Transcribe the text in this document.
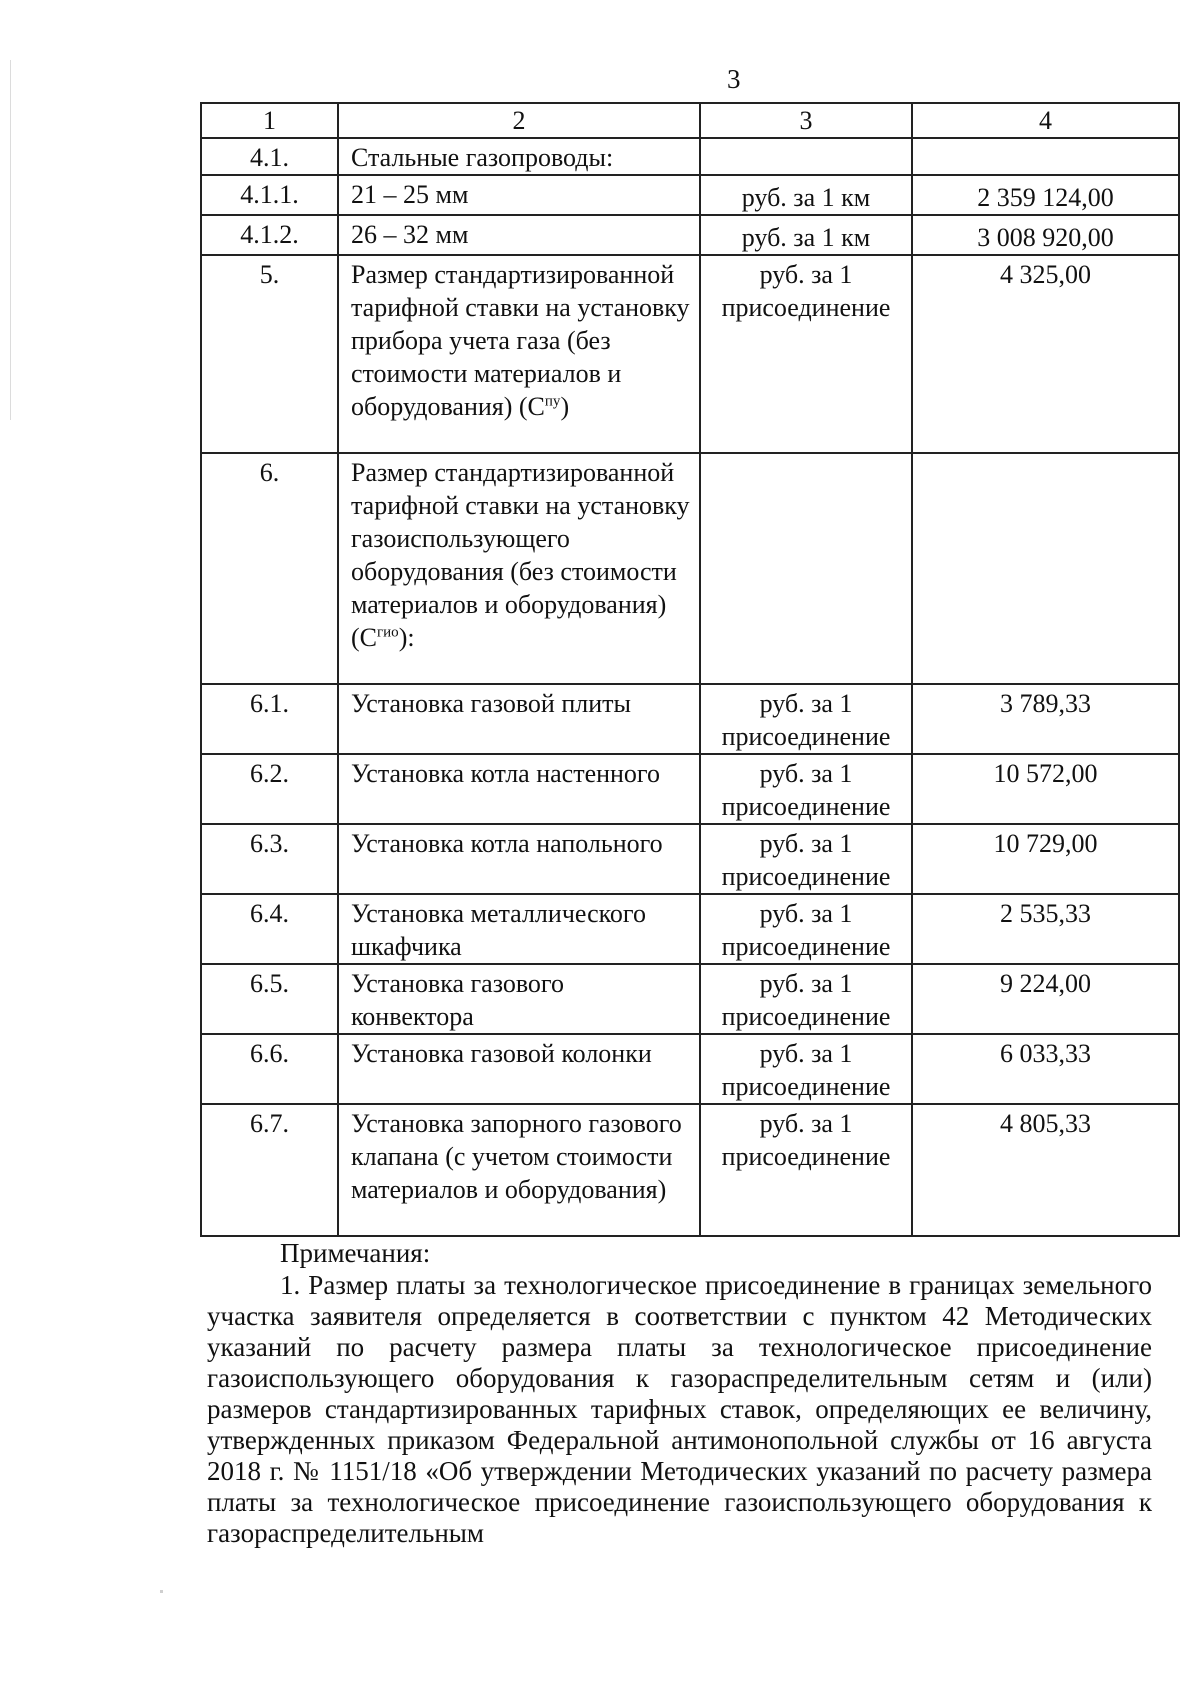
3
1	2	3	4
4.1.	Стальные газопроводы:		
4.1.1.	21 – 25 мм	руб. за 1 км	2 359 124,00
4.1.2.	26 – 32 мм	руб. за 1 км	3 008 920,00
5.	Размер стандартизированной тарифной ставки на установку прибора учета газа (без стоимости материалов и оборудования) $(С^{пу})$	руб. за 1 присоединение	4 325,00
6.	Размер стандартизированной тарифной ставки на установку газоиспользующего оборудования (без стоимости материалов и оборудования) $(С^{гио})$:		
6.1.	Установка газовой плиты	руб. за 1 присоединение	3 789,33
6.2.	Установка котла настенного	руб. за 1 присоединение	10 572,00
6.3.	Установка котла напольного	руб. за 1 присоединение	10 729,00
6.4.	Установка металлического шкафчика	руб. за 1 присоединение	2 535,33
6.5.	Установка газового конвектора	руб. за 1 присоединение	9 224,00
6.6.	Установка газовой колонки	руб. за 1 присоединение	6 033,33
6.7.	Установка запорного газового клапана (с учетом стоимости материалов и оборудования)	руб. за 1 присоединение	4 805,33
Примечания:

1. Размер платы за технологическое присоединение в границах земельного участка заявителя определяется в соответствии с пунктом 42 Методических указаний по расчету размера платы за технологическое присоединение газоиспользующего оборудования к газораспределительным сетям и (или) размеров стандартизированных тарифных ставок, определяющих ее величину, утвержденных приказом Федеральной антимонопольной службы от 16 августа 2018 г. № 1151/18 «Об утверждении Методических указаний по расчету размера платы за технологическое присоединение газоиспользующего оборудования к газораспределительным
